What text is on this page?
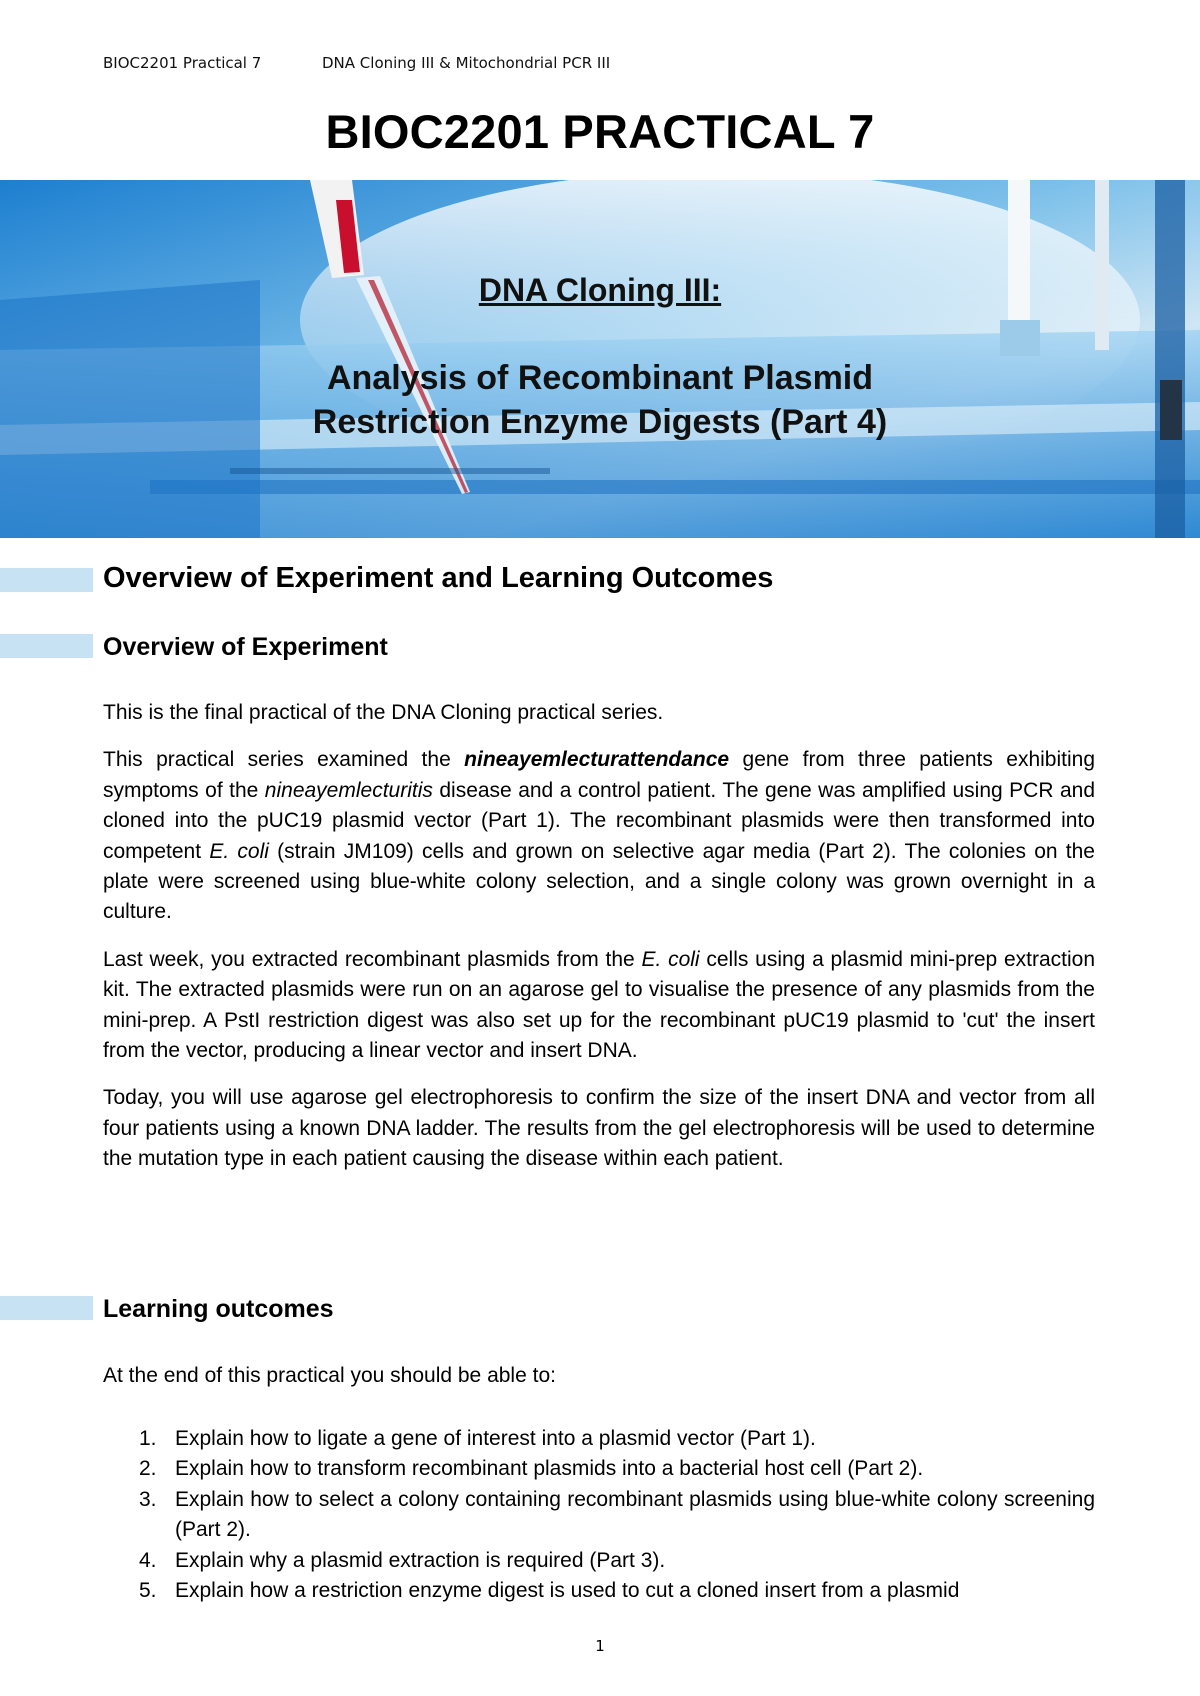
BIOC2201 Practical 7	DNA Cloning III & Mitochondrial PCR III
BIOC2201 PRACTICAL 7
DNA Cloning III:
Analysis of Recombinant Plasmid
Restriction Enzyme Digests (Part 4)
Overview of Experiment and Learning Outcomes
Overview of Experiment

This is the final practical of the DNA Cloning practical series.

This practical series examined the nineayemlecturattendance gene from three patients exhibiting symptoms of the nineayemlecturitis disease and a control patient. The gene was amplified using PCR and cloned into the pUC19 plasmid vector (Part 1). The recombinant plasmids were then transformed into competent E. coli (strain JM109) cells and grown on selective agar media (Part 2). The colonies on the plate were screened using blue-white colony selection, and a single colony was grown overnight in a culture.

Last week, you extracted recombinant plasmids from the E. coli cells using a plasmid mini-prep extraction kit. The extracted plasmids were run on an agarose gel to visualise the presence of any plasmids from the mini-prep. A PstI restriction digest was also set up for the recombinant pUC19 plasmid to 'cut' the insert from the vector, producing a linear vector and insert DNA.

Today, you will use agarose gel electrophoresis to confirm the size of the insert DNA and vector from all four patients using a known DNA ladder. The results from the gel electrophoresis will be used to determine the mutation type in each patient causing the disease within each patient.

Learning outcomes

At the end of this practical you should be able to:

1. Explain how to ligate a gene of interest into a plasmid vector (Part 1).
2. Explain how to transform recombinant plasmids into a bacterial host cell (Part 2).
3. Explain how to select a colony containing recombinant plasmids using blue-white colony screening (Part 2).
4. Explain why a plasmid extraction is required (Part 3).
5. Explain how a restriction enzyme digest is used to cut a cloned insert from a plasmid
1
